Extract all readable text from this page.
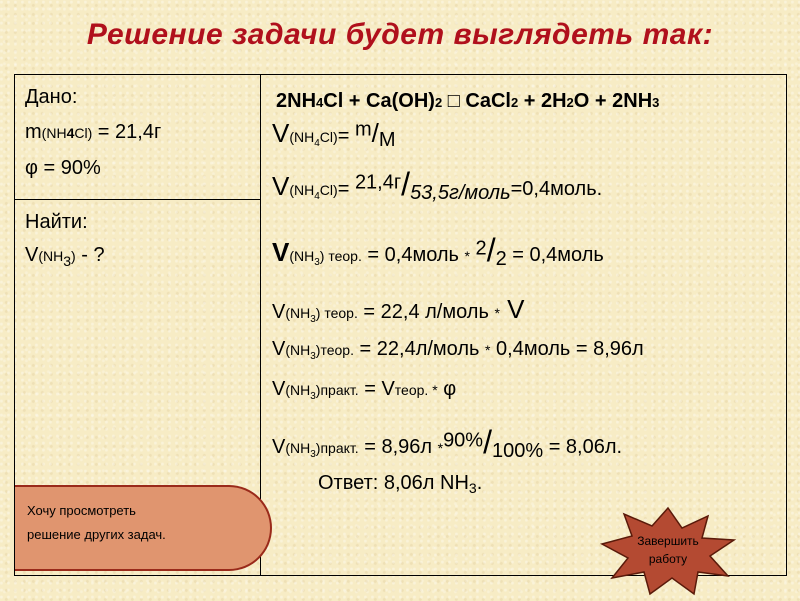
Решение задачи будет выглядеть так:
Дано:
m(NH4Cl) = 21,4г
φ = 90%
Найти:
$V(NH_3)$ - ?
2NH4Cl + Ca(OH)2 □ CaCl2 + 2H2O + 2NH3
$V(NH_4Cl)= ^m/_M$
$V(NH_4Cl)=$ $^{21,4г}/_{53,5г/моль}=0,4моль$.
$V(NH_3)$ теор. = 0,4моль * $^2/_2$ = 0,4моль
$V(NH_3)$ теор. = 22,4 л/моль * V
$V(NH_3)теор$. = 22,4л/моль * 0,4моль = 8,96л
$V(NH_3)практ$. = Vтеор. * φ
$V(NH_3)практ$. = 8,96л $*^{90\%}/_{100\%} = 8,06л$.
Ответ: 8,06л $NH_3$.
Хочу просмотреть
решение других задач.	Завершить
работу
